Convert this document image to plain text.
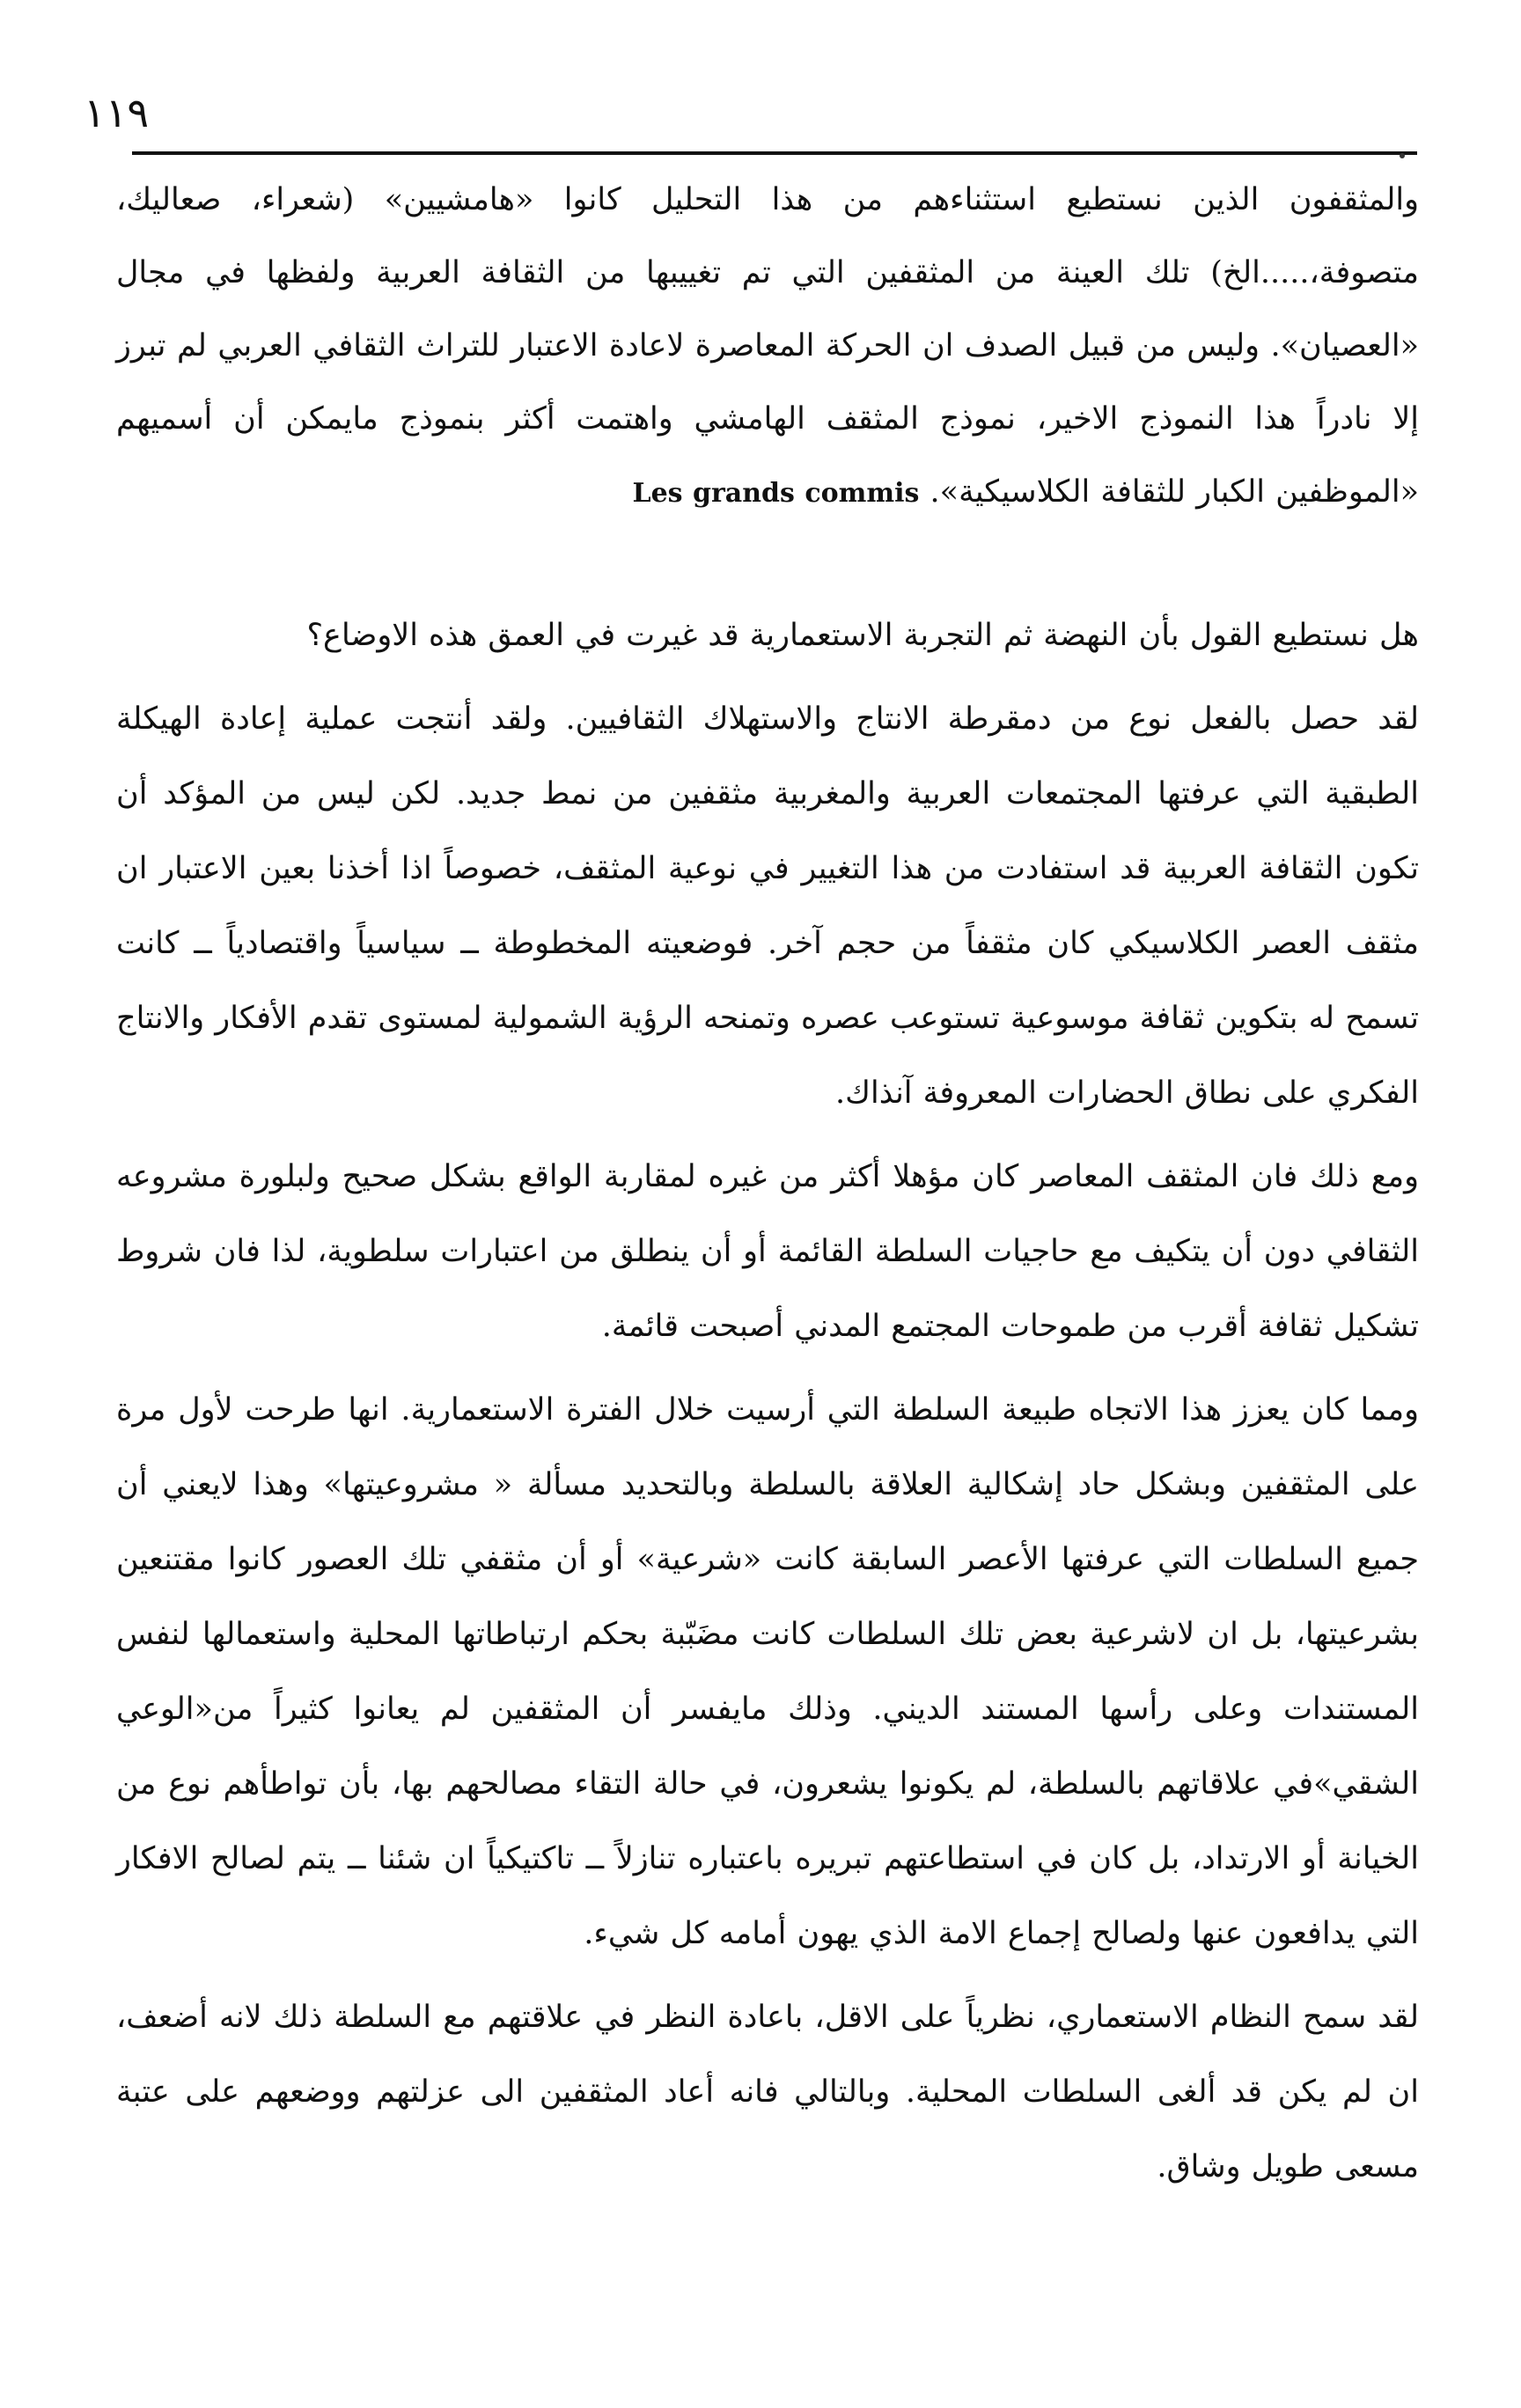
١١٩

والمثقفون الذين نستطيع استثناءهم من هذا التحليل كانوا «هامشيين» (شعراء، صعاليك، متصوفة،.....الخ) تلك العينة من المثقفين التي تم تغييبها من الثقافة العربية ولفظها في مجال «العصيان». وليس من قبيل الصدف ان الحركة المعاصرة لاعادة الاعتبار للتراث الثقافي العربي لم تبرز إلا نادراً هذا النموذج الاخير، نموذج المثقف الهامشي واهتمت أكثر بنموذج مايمكن أن أسميهم «الموظفين الكبار للثقافة الكلاسيكية». Les grands commis

هل نستطيع القول بأن النهضة ثم التجربة الاستعمارية قد غيرت في العمق هذه الاوضاع؟

لقد حصل بالفعل نوع من دمقرطة الانتاج والاستهلاك الثقافيين. ولقد أنتجت عملية إعادة الهيكلة الطبقية التي عرفتها المجتمعات العربية والمغربية مثقفين من نمط جديد. لكن ليس من المؤكد أن تكون الثقافة العربية قد استفادت من هذا التغيير في نوعية المثقف، خصوصاً اذا أخذنا بعين الاعتبار ان مثقف العصر الكلاسيكي كان مثقفاً من حجم آخر. فوضعيته المخطوطة ــ سياسياً واقتصادياً ــ كانت تسمح له بتكوين ثقافة موسوعية تستوعب عصره وتمنحه الرؤية الشمولية لمستوى تقدم الأفكار والانتاج الفكري على نطاق الحضارات المعروفة آنذاك.

ومع ذلك فان المثقف المعاصر كان مؤهلا أكثر من غيره لمقاربة الواقع بشكل صحيح ولبلورة مشروعه الثقافي دون أن يتكيف مع حاجيات السلطة القائمة أو أن ينطلق من اعتبارات سلطوية، لذا فان شروط تشكيل ثقافة أقرب من طموحات المجتمع المدني أصبحت قائمة.

ومما كان يعزز هذا الاتجاه طبيعة السلطة التي أرسيت خلال الفترة الاستعمارية. انها طرحت لأول مرة على المثقفين وبشكل حاد إشكالية العلاقة بالسلطة وبالتحديد مسألة « مشروعيتها» وهذا لايعني أن جميع السلطات التي عرفتها الأعصر السابقة كانت «شرعية» أو أن مثقفي تلك العصور كانوا مقتنعين بشرعيتها، بل ان لاشرعية بعض تلك السلطات كانت مضَبّبة بحكم ارتباطاتها المحلية واستعمالها لنفس المستندات وعلى رأسها المستند الديني. وذلك مايفسر أن المثقفين لم يعانوا كثيراً من«الوعي الشقي»في علاقاتهم بالسلطة، لم يكونوا يشعرون، في حالة التقاء مصالحهم بها، بأن تواطأهم نوع من الخيانة أو الارتداد، بل كان في استطاعتهم تبريره باعتباره تنازلاً ــ تاكتيكياً ان شئنا ــ يتم لصالح الافكار التي يدافعون عنها ولصالح إجماع الامة الذي يهون أمامه كل شيء.

لقد سمح النظام الاستعماري، نظرياً على الاقل، باعادة النظر في علاقتهم مع السلطة ذلك لانه أضعف، ان لم يكن قد ألغى السلطات المحلية. وبالتالي فانه أعاد المثقفين الى عزلتهم ووضعهم على عتبة مسعى طويل وشاق.
